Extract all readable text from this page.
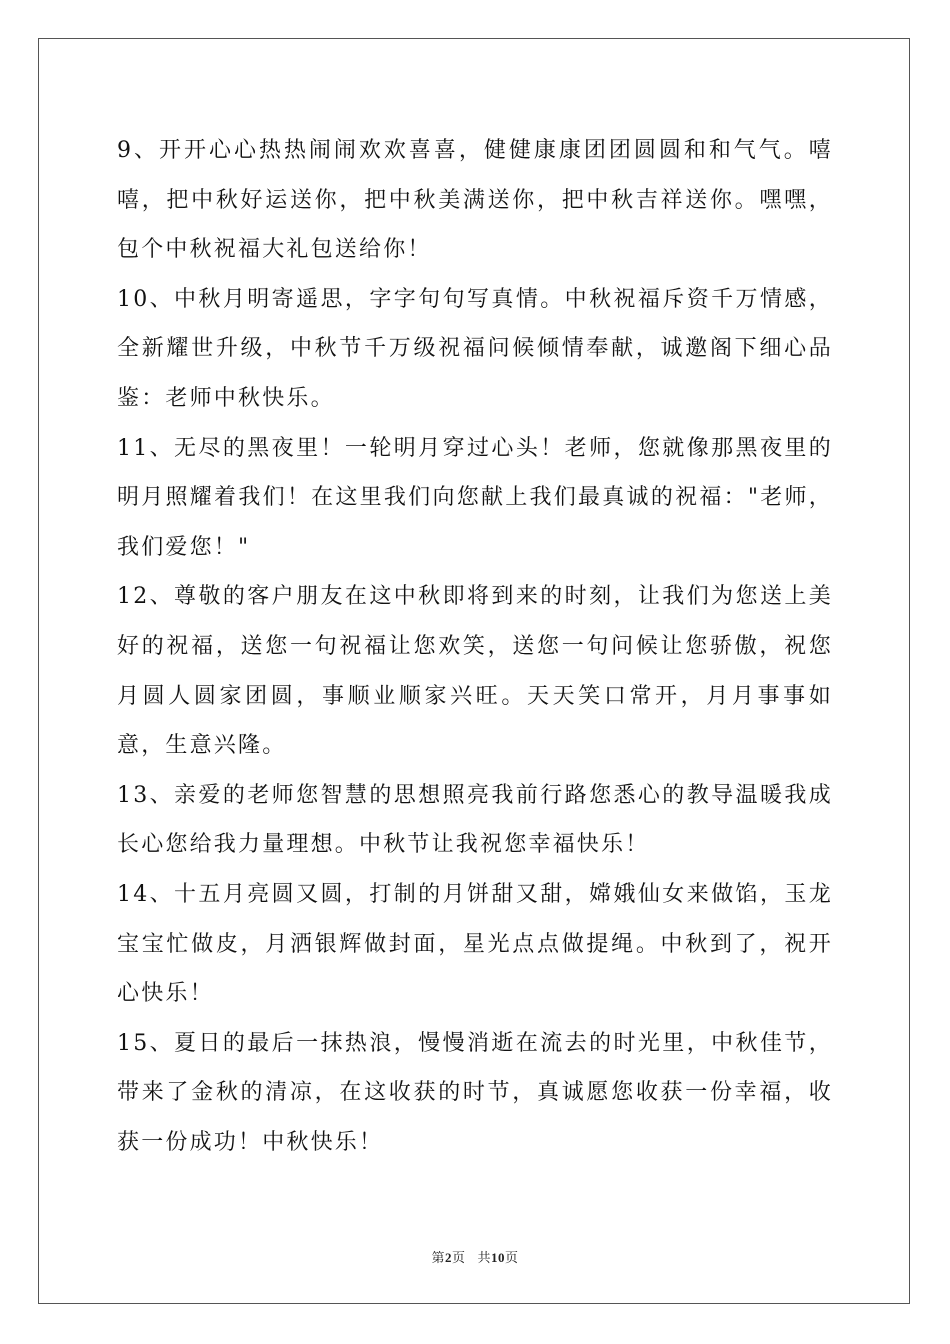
9、开开心心热热闹闹欢欢喜喜，健健康康团团圆圆和和气气。嘻嘻，把中秋好运送你，把中秋美满送你，把中秋吉祥送你。嘿嘿，包个中秋祝福大礼包送给你！

10、中秋月明寄遥思，字字句句写真情。中秋祝福斥资千万情感，全新耀世升级，中秋节千万级祝福问候倾情奉献，诚邀阁下细心品鉴：老师中秋快乐。

11、无尽的黑夜里！一轮明月穿过心头！老师，您就像那黑夜里的明月照耀着我们！在这里我们向您献上我们最真诚的祝福："老师，我们爱您！"

12、尊敬的客户朋友在这中秋即将到来的时刻，让我们为您送上美好的祝福，送您一句祝福让您欢笑，送您一句问候让您骄傲，祝您月圆人圆家团圆，事顺业顺家兴旺。天天笑口常开，月月事事如意，生意兴隆。

13、亲爱的老师您智慧的思想照亮我前行路您悉心的教导温暖我成长心您给我力量理想。中秋节让我祝您幸福快乐！

14、十五月亮圆又圆，打制的月饼甜又甜，嫦娥仙女来做馅，玉龙宝宝忙做皮，月洒银辉做封面，星光点点做提绳。中秋到了，祝开心快乐！

15、夏日的最后一抹热浪，慢慢消逝在流去的时光里，中秋佳节，带来了金秋的清凉，在这收获的时节，真诚愿您收获一份幸福，收获一份成功！中秋快乐！

第2页 共10页
